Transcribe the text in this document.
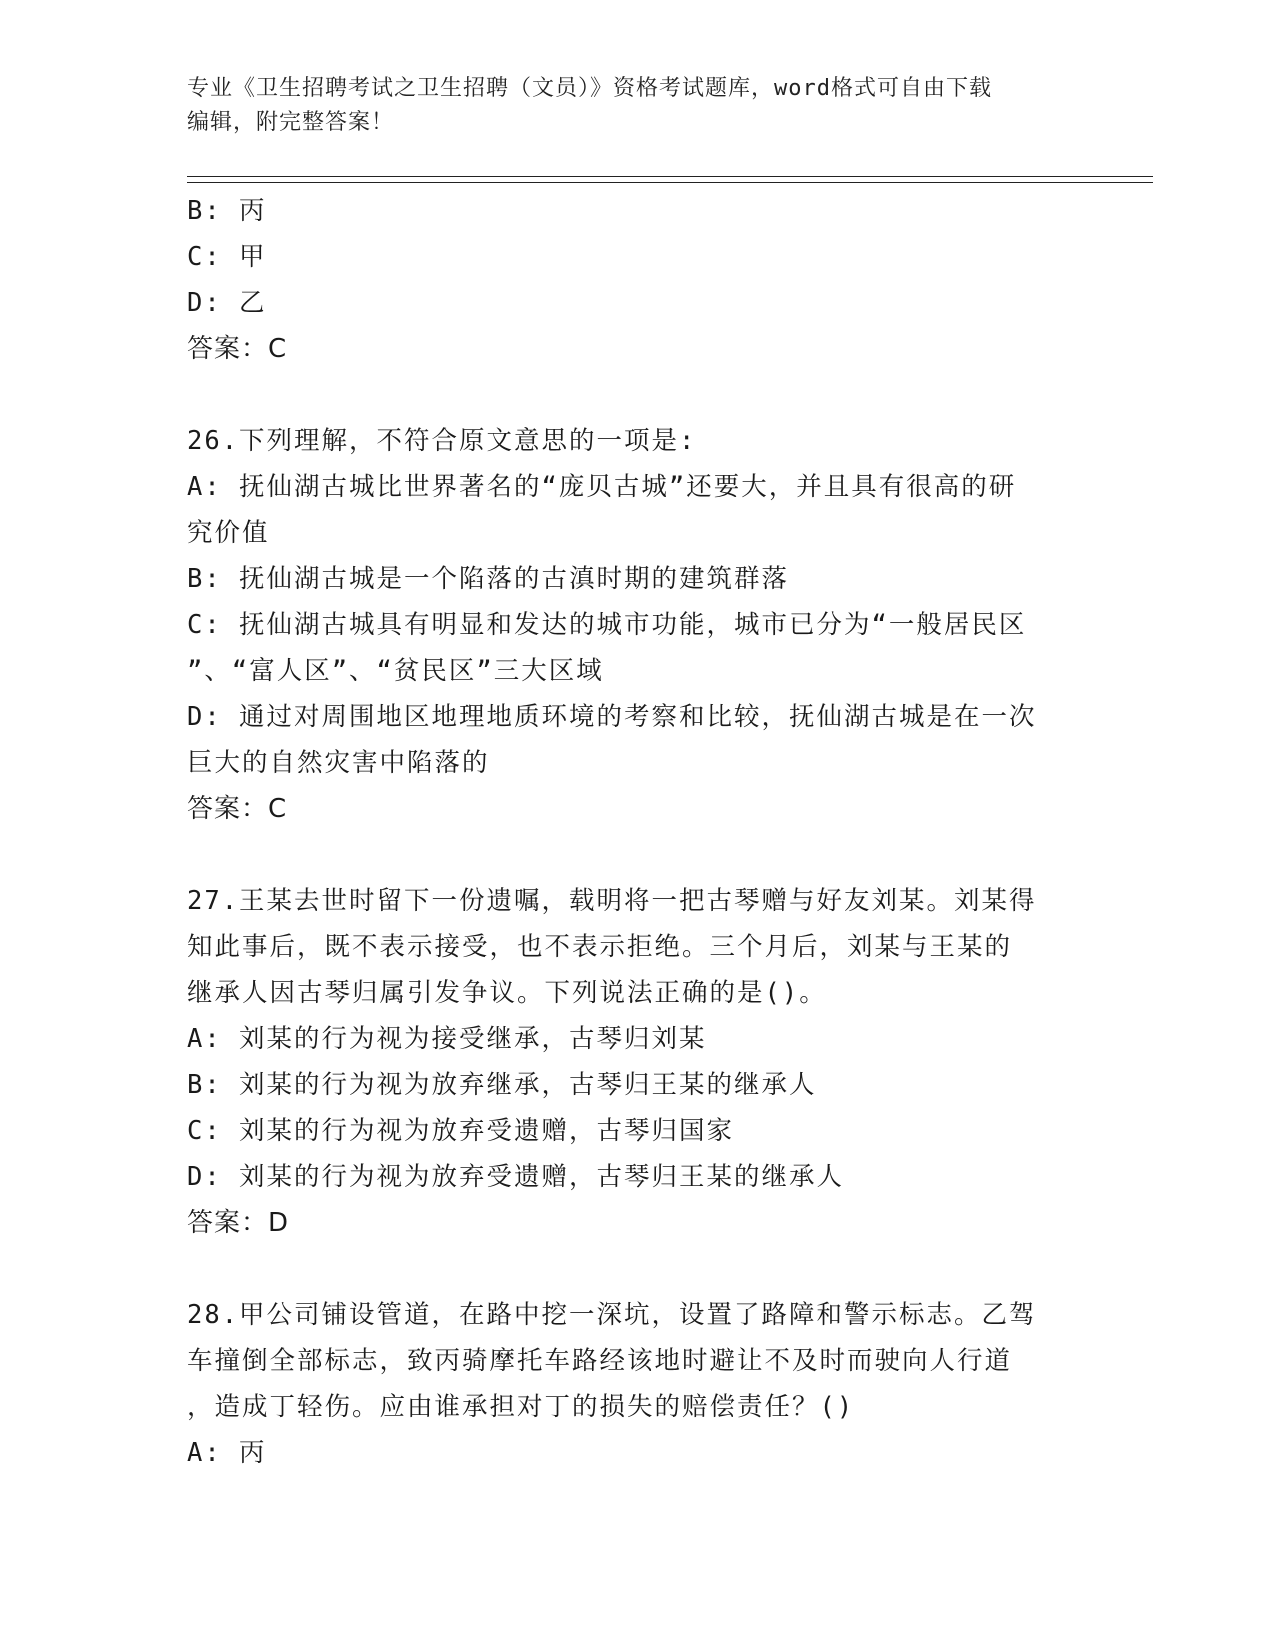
专业《卫生招聘考试之卫生招聘（文员）》资格考试题库，word格式可自由下载
编辑，附完整答案！
B: 丙
C: 甲
D: 乙
答案：C
26.下列理解，不符合原文意思的一项是:
A: 抚仙湖古城比世界著名的“庞贝古城”还要大，并且具有很高的研
究价值
B: 抚仙湖古城是一个陷落的古滇时期的建筑群落
C: 抚仙湖古城具有明显和发达的城市功能，城市已分为“一般居民区
”、“富人区”、“贫民区”三大区域
D: 通过对周围地区地理地质环境的考察和比较，抚仙湖古城是在一次
巨大的自然灾害中陷落的
答案：C
27.王某去世时留下一份遗嘱，载明将一把古琴赠与好友刘某。刘某得
知此事后，既不表示接受，也不表示拒绝。三个月后，刘某与王某的
继承人因古琴归属引发争议。下列说法正确的是()。
A: 刘某的行为视为接受继承，古琴归刘某
B: 刘某的行为视为放弃继承，古琴归王某的继承人
C: 刘某的行为视为放弃受遗赠，古琴归国家
D: 刘某的行为视为放弃受遗赠，古琴归王某的继承人
答案：D
28.甲公司铺设管道，在路中挖一深坑，设置了路障和警示标志。乙驾
车撞倒全部标志，致丙骑摩托车路经该地时避让不及时而驶向人行道
，造成丁轻伤。应由谁承担对丁的损失的赔偿责任？()
A: 丙
